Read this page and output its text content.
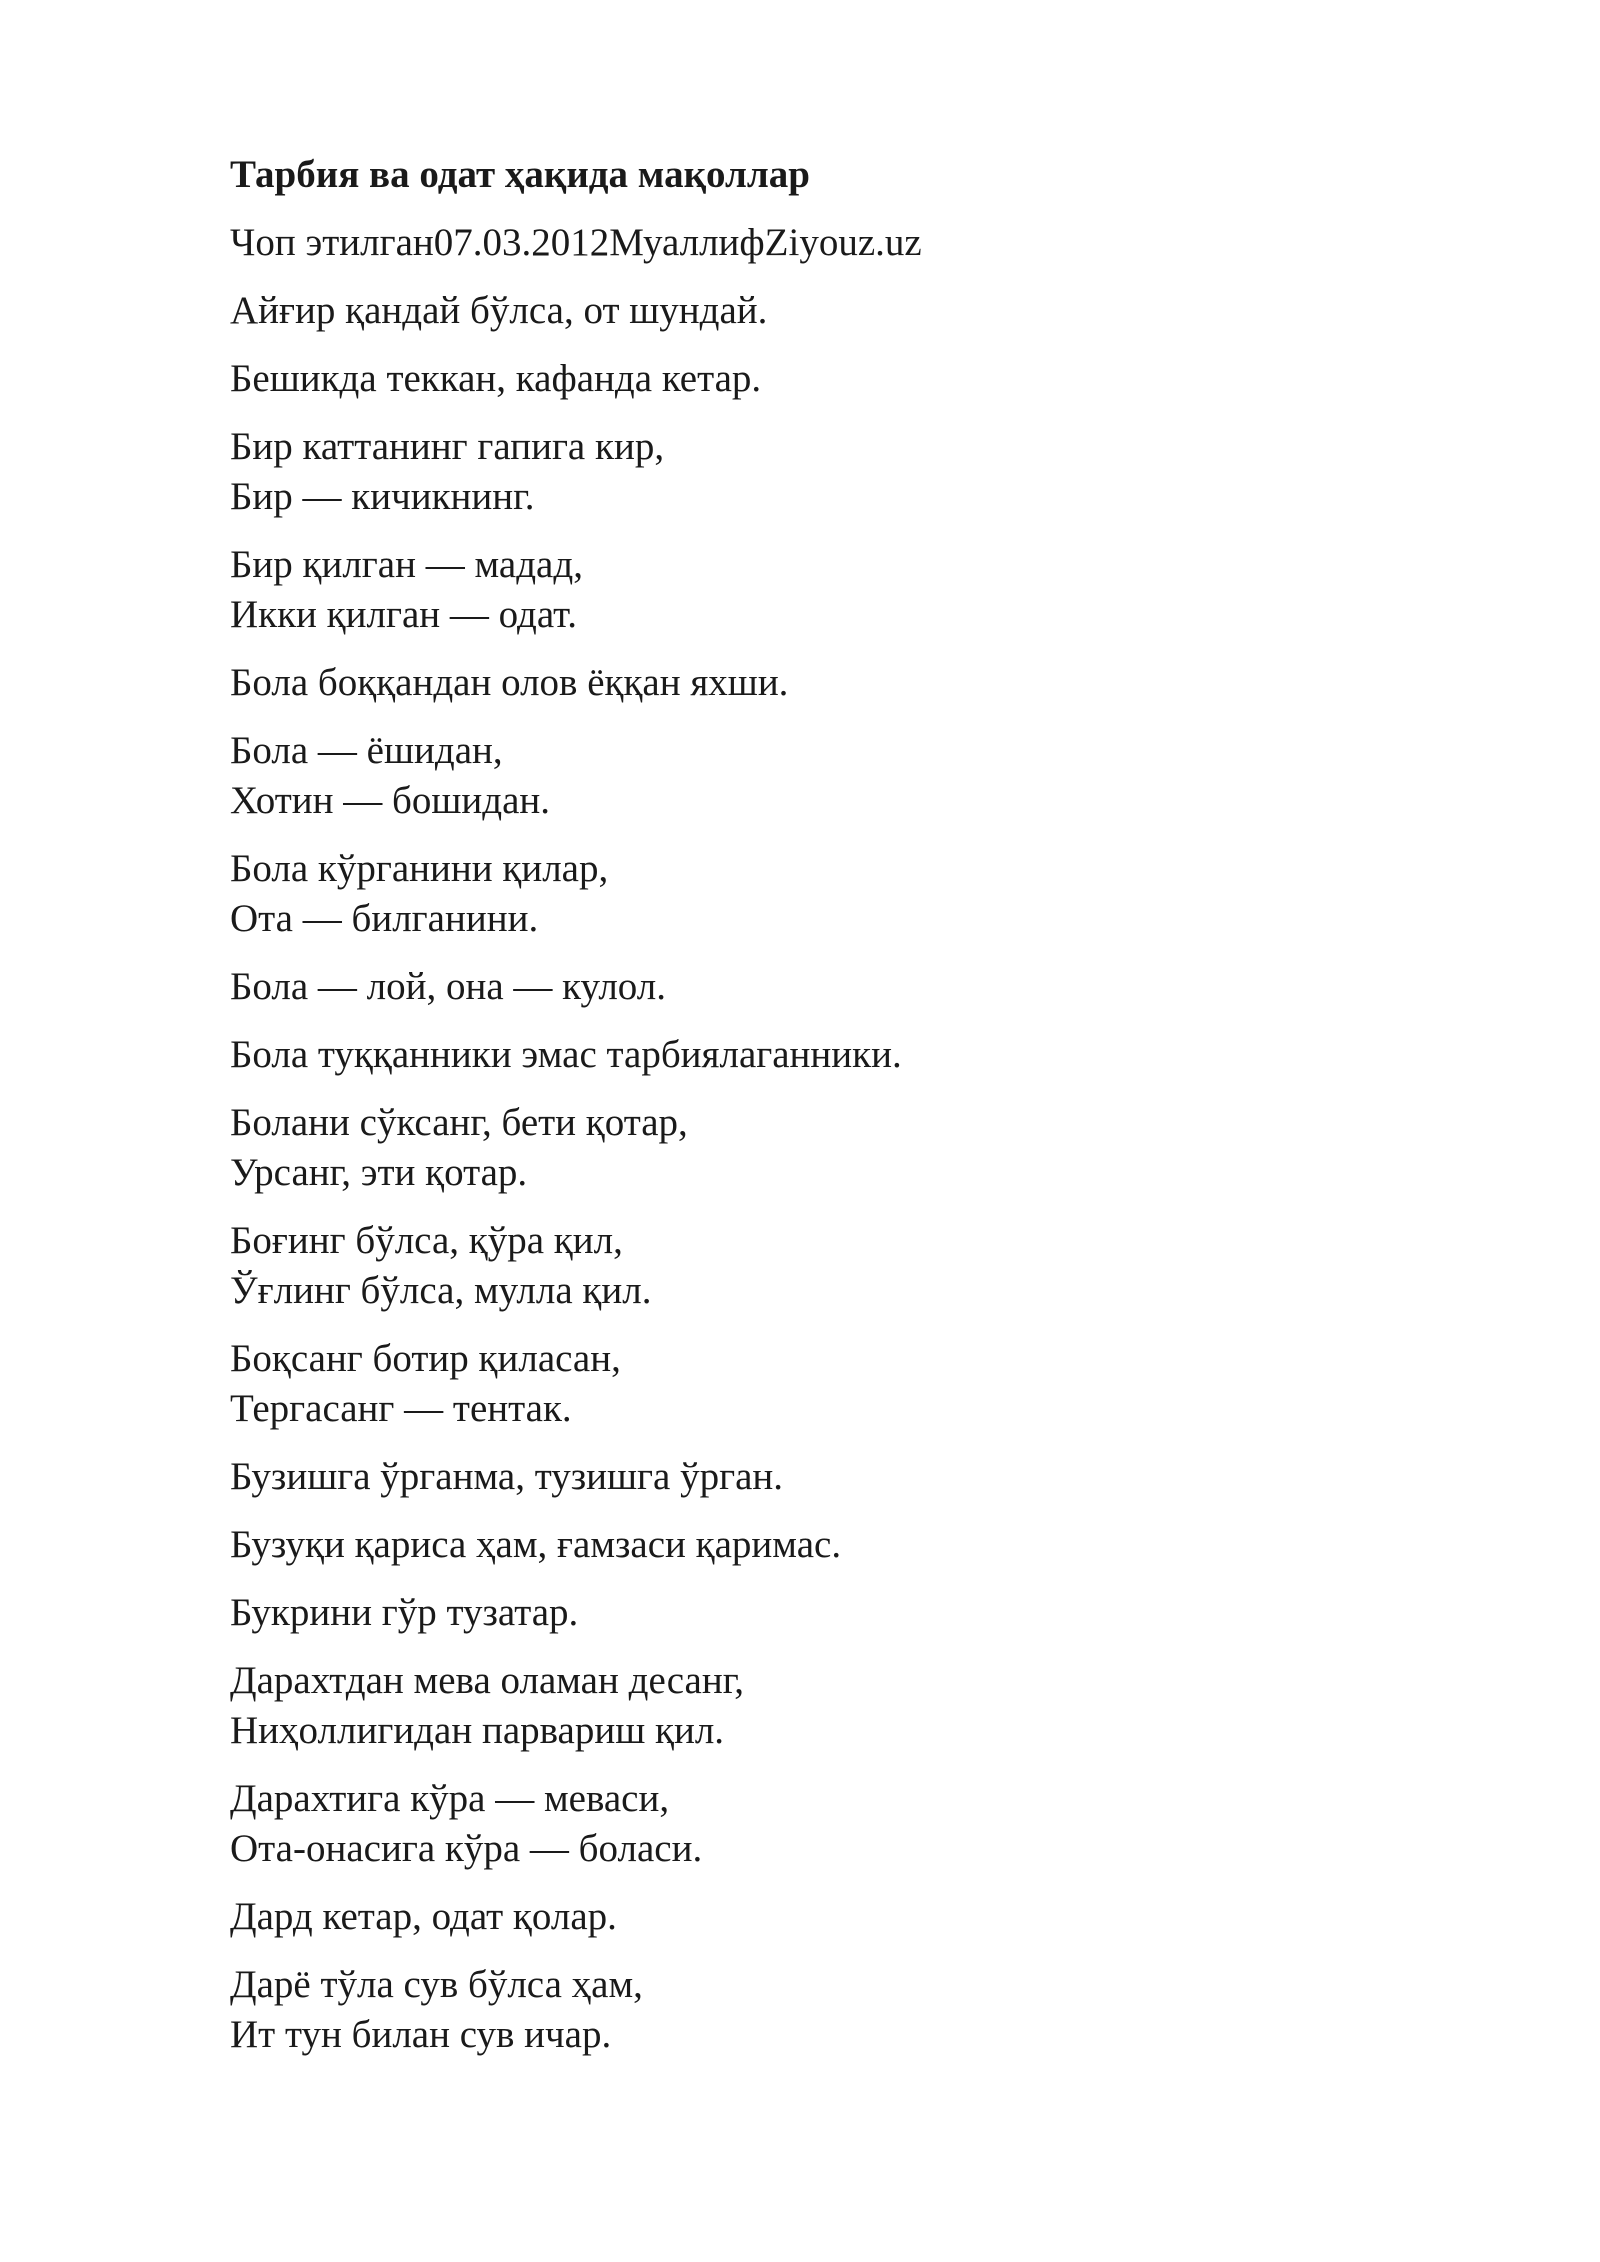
Тарбия ва одат ҳақида мақоллар
Чоп этилган07.03.2012МуаллифZiyouz.uz
Айғир қандай бўлса, от шундай.
Бешикда теккан, кафанда кетар.
Бир каттанинг гапига кир,
Бир — кичикнинг.
Бир қилган — мадад,
Икки қилган — одат.
Бола боққандан олов ёққан яхши.
Бола — ёшидан,
Хотин — бошидан.
Бола кўрганини қилар,
Ота — билганини.
Бола — лой, она — кулол.
Бола туққанники эмас тарбиялаганники.
Болани сўксанг, бети қотар,
Урсанг, эти қотар.
Боғинг бўлса, қўра қил,
Ўғлинг бўлса, мулла қил.
Боқсанг ботир қиласан,
Тергасанг — тентак.
Бузишга ўрганма, тузишга ўрган.
Бузуқи қариса ҳам, ғамзаси қаримас.
Букрини гўр тузатар.
Дарахтдан мева оламан десанг,
Ниҳоллигидан парвариш қил.
Дарахтига кўра — меваси,
Ота-онасига кўра — боласи.
Дард кетар, одат қолар.
Дарё тўла сув бўлса ҳам,
Ит тун билан сув ичар.
